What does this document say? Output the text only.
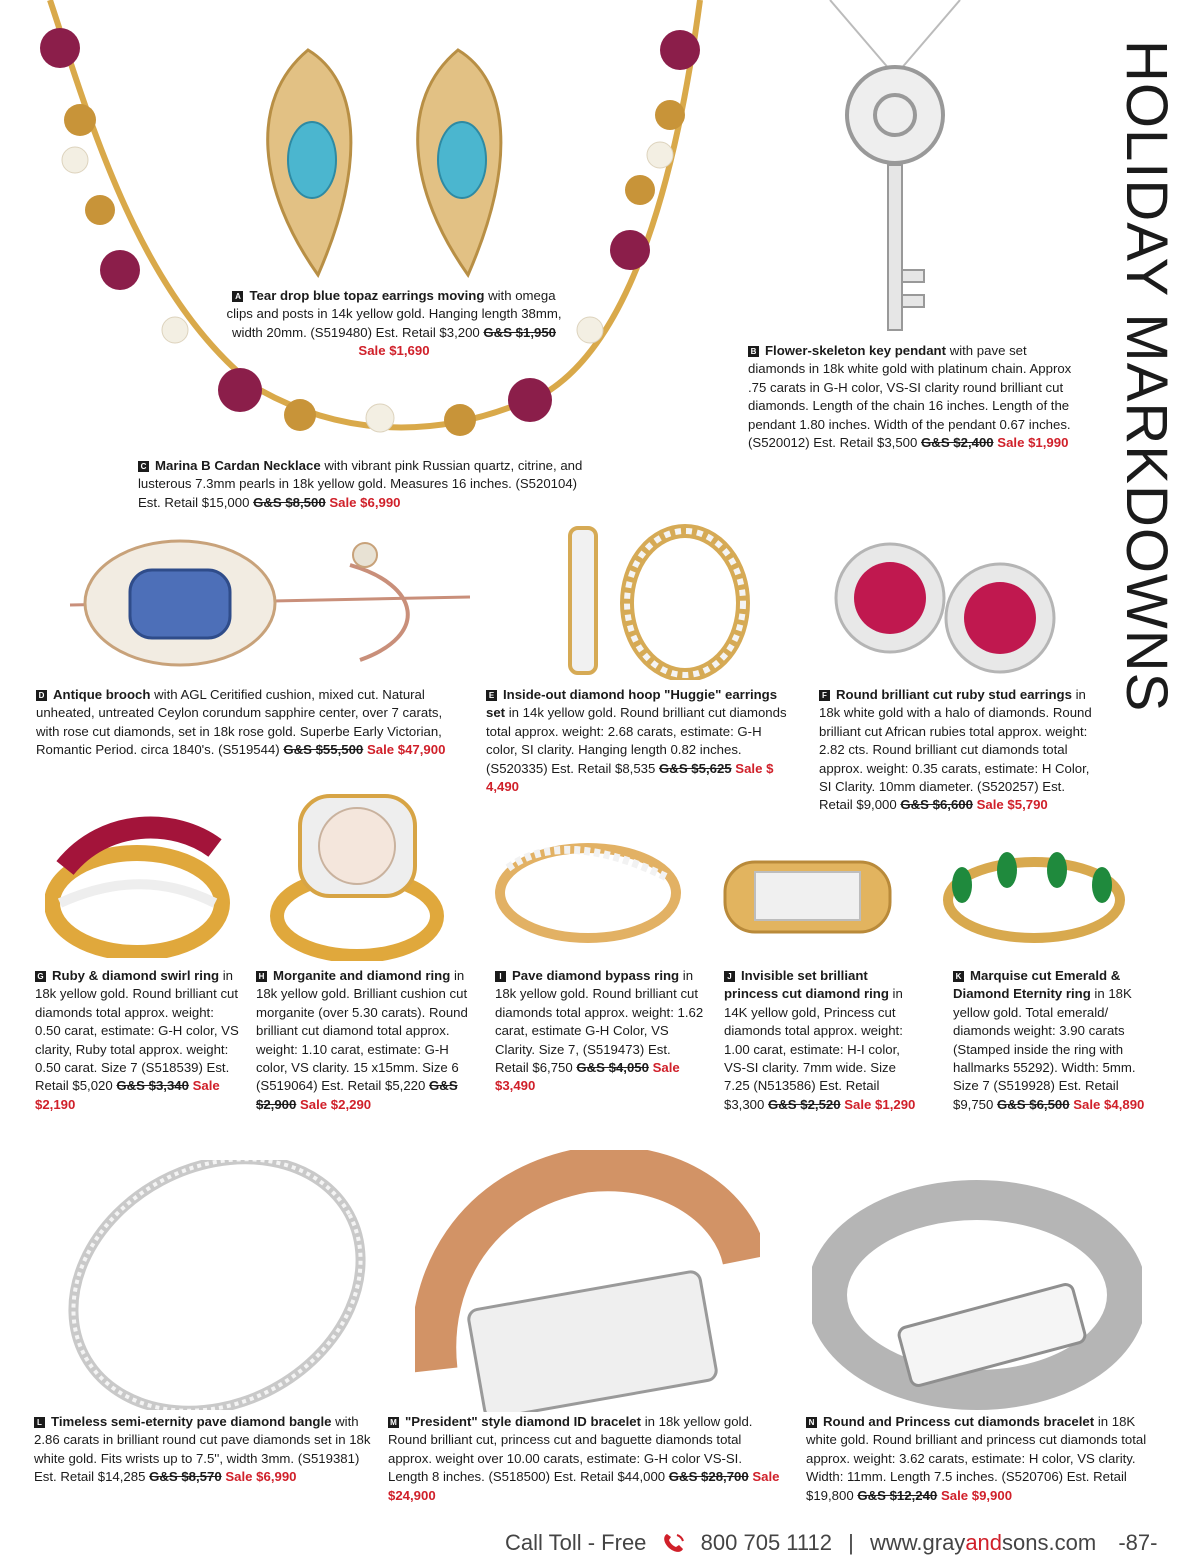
HOLIDAY MARKDOWNS
A Tear drop blue topaz earrings moving with omega clips and posts in 14k yellow gold. Hanging length 38mm, width 20mm. (S519480) Est. Retail $3,200 G&S $1,950 Sale $1,690	B Flower-skeleton key pendant with pave set diamonds in 18k white gold with platinum chain. Approx .75 carats in G-H color, VS-SI clarity round brilliant cut diamonds. Length of the chain 16 inches. Length of the pendant 1.80 inches. Width of the pendant 0.67 inches. (S520012) Est. Retail $3,500 G&S $2,400 Sale $1,990
C Marina B Cardan Necklace with vibrant pink Russian quartz, citrine, and lusterous 7.3mm pearls in 18k yellow gold. Measures 16 inches. (S520104) Est. Retail $15,000 G&S $8,500 Sale $6,990
D Antique brooch with AGL Ceritified cushion, mixed cut. Natural unheated, untreated Ceylon corundum sapphire center, over 7 carats, with rose cut diamonds, set in 18k rose gold. Superbe Early Victorian, Romantic Period. circa 1840's. (S519544) G&S $55,500 Sale $47,900
E Inside-out diamond hoop "Huggie" earrings set in 14k yellow gold. Round brilliant cut diamonds total approx. weight: 2.68 carats, estimate: G-H color, SI clarity. Hanging length 0.82 inches. (S520335) Est. Retail $8,535 G&S $5,625 Sale $ 4,490
F Round brilliant cut ruby stud earrings in 18k white gold with a halo of diamonds. Round brilliant cut African rubies total approx. weight: 2.82 cts. Round brilliant cut diamonds total approx. weight: 0.35 carats, estimate: H Color, SI Clarity. 10mm diameter. (S520257) Est. Retail $9,000 G&S $6,600 Sale $5,790
G Ruby & diamond swirl ring in 18k yellow gold. Round brilliant cut diamonds total approx. weight: 0.50 carat, estimate: G-H color, VS clarity, Ruby total approx. weight: 0.50 carat. Size 7 (S518539) Est. Retail $5,020 G&S $3,340 Sale $2,190
H Morganite and diamond ring in 18k yellow gold. Brilliant cushion cut morganite (over 5.30 carats). Round brilliant cut diamond total approx. weight: 1.10 carat, estimate: G-H color, VS clarity. 15 x15mm. Size 6 (S519064) Est. Retail $5,220 G&S $2,900 Sale $2,290
I Pave diamond bypass ring in 18k yellow gold. Round brilliant cut diamonds total approx. weight: 1.62 carat, estimate G-H Color, VS Clarity. Size 7, (S519473) Est. Retail $6,750 G&S $4,050 Sale $3,490
J Invisible set brilliant princess cut diamond ring in 14K yellow gold, Princess cut diamonds total approx. weight: 1.00 carat, estimate: H-I color, VS-SI clarity. 7mm wide. Size 7.25 (N513586) Est. Retail $3,300 G&S $2,520 Sale $1,290
K Marquise cut Emerald & Diamond Eternity ring in 18K yellow gold. Total emerald/ diamonds weight: 3.90 carats (Stamped inside the ring with hallmarks 55292). Width: 5mm. Size 7 (S519928) Est. Retail $9,750 G&S $6,500 Sale $4,890
L Timeless semi-eternity pave diamond bangle with 2.86 carats in brilliant round cut pave diamonds set in 18k white gold. Fits wrists up to 7.5'', width 3mm. (S519381) Est. Retail $14,285 G&S $8,570 Sale $6,990
M "President" style diamond ID bracelet in 18k yellow gold. Round brilliant cut, princess cut and baguette diamonds total approx. weight over 10.00 carats, estimate: G-H color VS-SI. Length 8 inches. (S518500) Est. Retail $44,000 G&S $28,700 Sale $24,900
N Round and Princess cut diamonds bracelet in 18K white gold. Round brilliant and princess cut diamonds total approx. weight: 3.62 carats, estimate: H color, VS clarity. Width: 11mm. Length 7.5 inches. (S520706) Est. Retail $19,800 G&S $12,240 Sale $9,900
Call Toll - Free 800 705 1112 | www.grayandsons.com -87-
